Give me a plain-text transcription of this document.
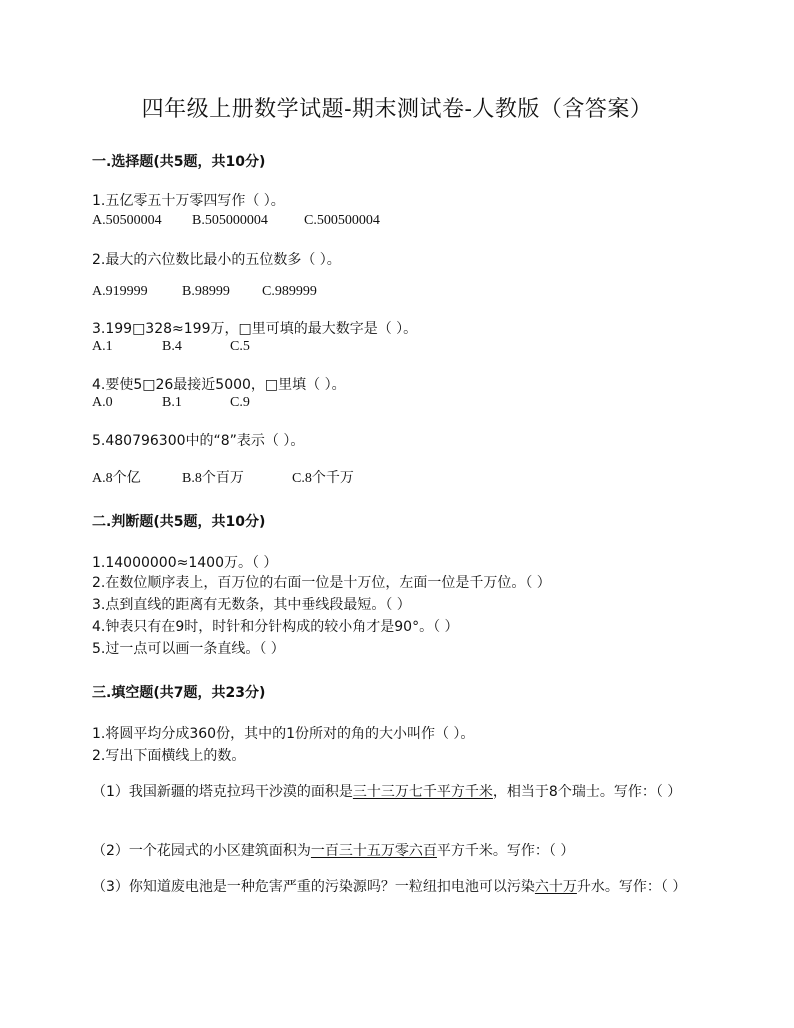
四年级上册数学试题-期末测试卷-人教版（含答案）
一.选择题(共5题，共10分)
1.五亿零五十万零四写作（ ）。
A.50500004 B.505000004	C.500500004
2.最大的六位数比最小的五位数多（ ）。
A.919999 B.98999 C.989999
3.199□328≈199万，□里可填的最大数字是（ ）。
A.1	B.4	C.5
4.要使5□26最接近5000，□里填（ ）。
A.0	B.1	C.9
5.480796300中的“8”表示（ ）。
A.8个亿	B.8个百万	C.8个千万
二.判断题(共5题，共10分)
1.14000000≈1400万。（ ）
2.在数位顺序表上，百万位的右面一位是十万位，左面一位是千万位。（ ）
3.点到直线的距离有无数条，其中垂线段最短。（ ）
4.钟表只有在9时，时针和分针构成的较小角才是90°。（ ）
5.过一点可以画一条直线。（ ）
三.填空题(共7题，共23分)
1.将圆平均分成360份，其中的1份所对的角的大小叫作（ ）。
2.写出下面横线上的数。
（1）我国新疆的塔克拉玛干沙漠的面积是三十三万七千平方千米，相当于8个瑞士。写作：（ ）
（2）一个花园式的小区建筑面积为一百三十五万零六百平方千米。写作：（ ）
（3）你知道废电池是一种危害严重的污染源吗？一粒纽扣电池可以污染六十万升水。写作：（ ）
